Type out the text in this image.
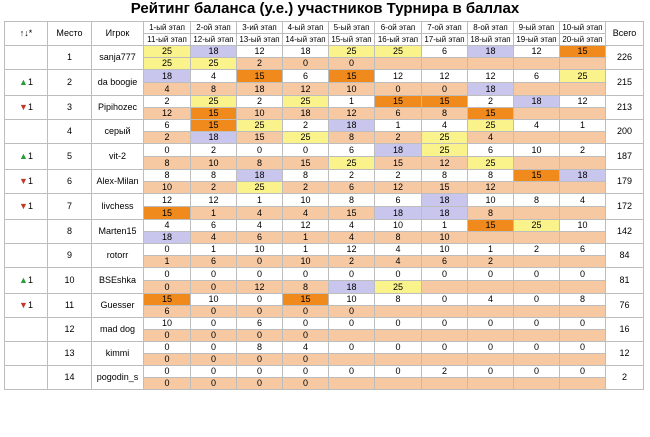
Рейтинг баланса (у.е.) участников Турнира в баллах
↑↓*	Место	Игрок	1-ый этап	2-ой этап	3-ий этап	4-ый этап	5-ый этап	6-ой этап	7-ой этап	8-ой этап	9-ый этап	10-ый этап	Всего
			11-ый этап	12-ый этап	13-ый этап	14-ый этап	15-ый этап	16-ый этап	17-ый этап	18-ый этап	19-ый этап	20-ый этап	
	1	sanja777	25	18	12	18	25	25	6	18	12	15	226
			25	25	2	0	0						
▲1	2	da boogie	18	4	15	6	15	12	12	12	6	25	215
			4	8	18	12	10	0	0	18			
▼1	3	Pipihozec	2	25	2	25	1	15	15	2	18	12	213
			12	15	10	18	12	6	8	15			
	4	серый	6	15	25	2	18	1	4	25	4	1	200
			2	18	15	25	8	2	25	4			
▲1	5	vit-2	0	2	0	0	6	18	25	6	10	2	187
			8	10	8	15	25	15	12	25			
▼1	6	Alex-Milan	8	8	18	8	2	2	8	8	15	18	179
			10	2	25	2	6	12	15	12			
▼1	7	livchess	12	12	1	10	8	6	18	10	8	4	172
			15	1	4	4	15	18	18	8			
	8	Marten15	4	6	4	12	4	10	1	15	25	10	142
			18	4	6	1	4	8	10				
	9	rotorr	0	1	10	1	12	4	10	1	2	6	84
			1	6	0	10	2	4	6	2			
▲1	10	BSEshka	0	0	0	0	0	0	0	0	0	0	81
			0	0	12	8	18	25					
▼1	11	Guesser	15	10	0	15	10	8	0	4	0	8	76
			6	0	0	0	0						
	12	mad dog	10	0	6	0	0	0	0	0	0	0	16
			0	0	0	0							
	13	kimmi	0	0	8	4	0	0	0	0	0	0	12
			0	0	0	0							
	14	pogodin_s	0	0	0	0	0	0	2	0	0	0	2
			0	0	0	0							
